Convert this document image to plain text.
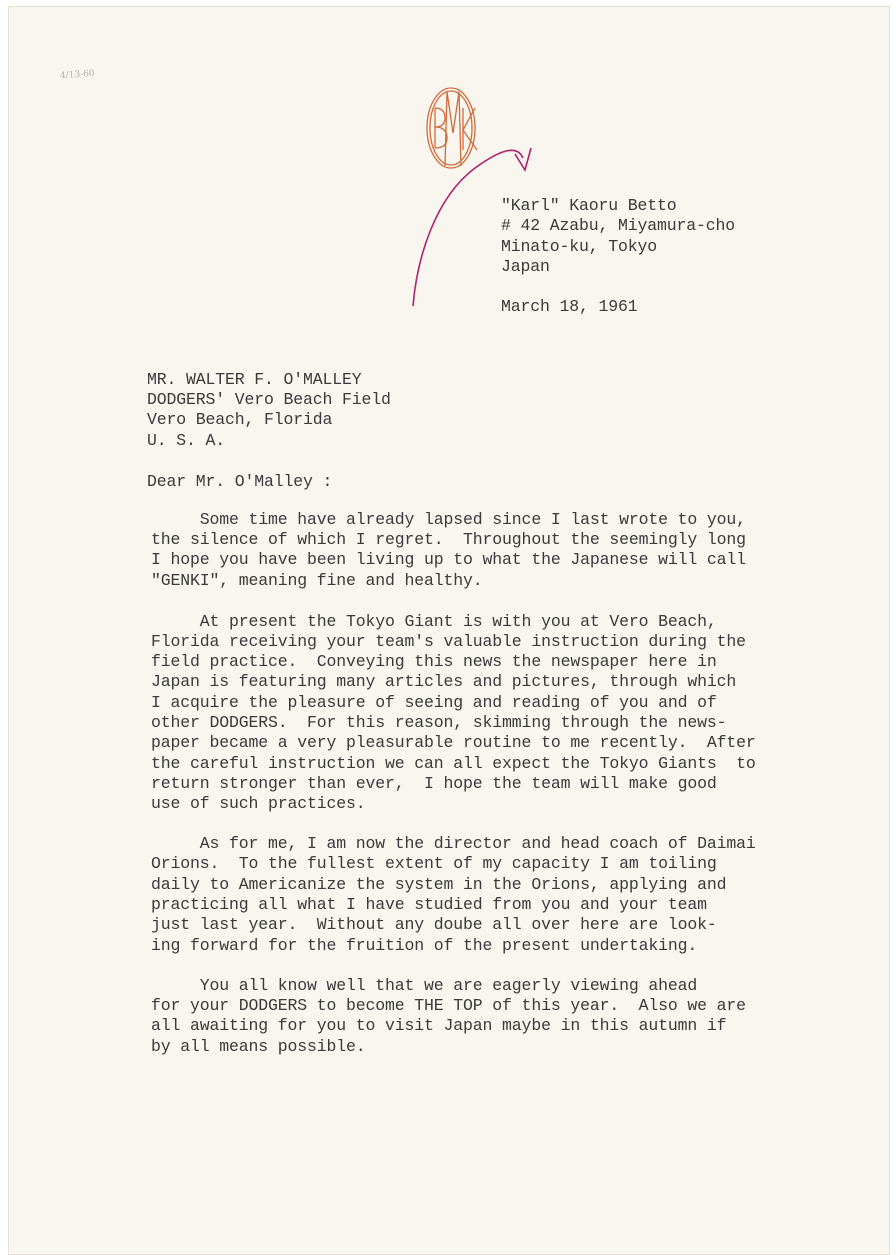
4/13-60
"Karl" Kaoru Betto
# 42 Azabu, Miyamura-cho
Minato-ku, Tokyo
Japan
March 18, 1961
MR. WALTER F. O'MALLEY
DODGERS' Vero Beach Field
Vero Beach, Florida
U. S. A.
Dear Mr. O'Malley :
Some time have already lapsed since I last wrote to you,
the silence of which I regret.  Throughout the seemingly long
I hope you have been living up to what the Japanese will call
"GENKI", meaning fine and healthy.
At present the Tokyo Giant is with you at Vero Beach,
Florida receiving your team's valuable instruction during the
field practice.  Conveying this news the newspaper here in
Japan is featuring many articles and pictures, through which
I acquire the pleasure of seeing and reading of you and of
other DODGERS.  For this reason, skimming through the news-
paper became a very pleasurable routine to me recently.  After
the careful instruction we can all expect the Tokyo Giants  to
return stronger than ever,  I hope the team will make good
use of such practices.
As for me, I am now the director and head coach of Daimai
Orions.  To the fullest extent of my capacity I am toiling
daily to Americanize the system in the Orions, applying and
practicing all what I have studied from you and your team
just last year.  Without any doube all over here are look-
ing forward for the fruition of the present undertaking.
You all know well that we are eagerly viewing ahead
for your DODGERS to become THE TOP of this year.  Also we are
all awaiting for you to visit Japan maybe in this autumn if
by all means possible.
